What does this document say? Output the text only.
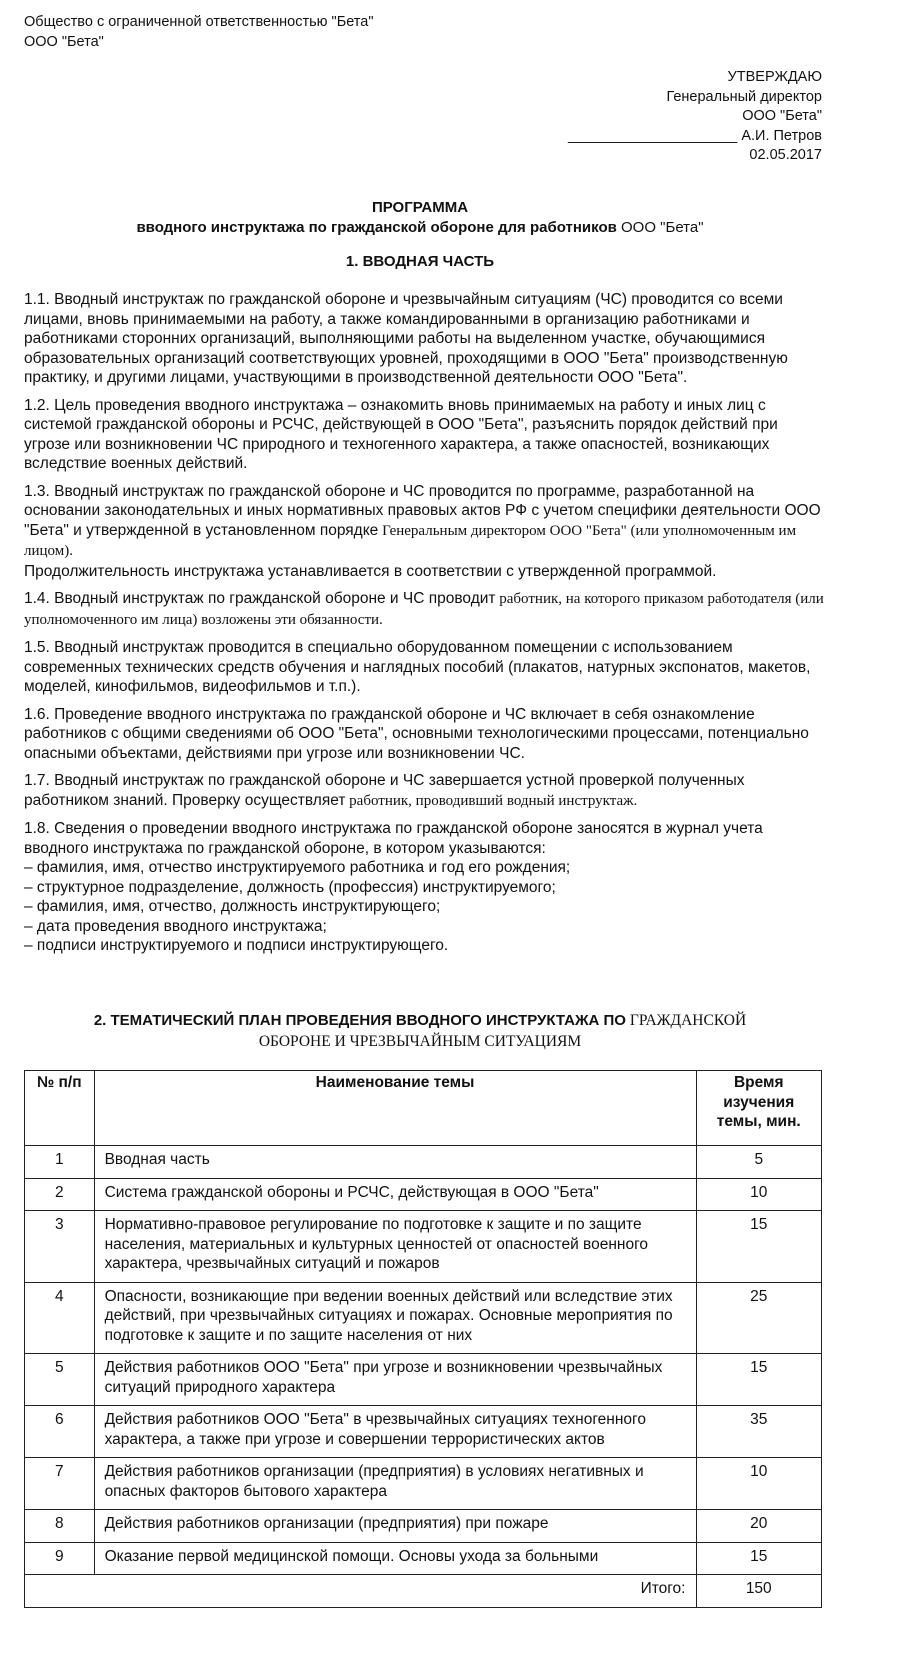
Общество с ограниченной ответственностью "Бета"
ООО "Бета"
УТВЕРЖДАЮ
Генеральный директор
ООО "Бета"
_____________________ А.И. Петров
02.05.2017
ПРОГРАММА
вводного инструктажа по гражданской обороне для работников ООО "Бета"
1. ВВОДНАЯ ЧАСТЬ

1.1. Вводный инструктаж по гражданской обороне и чрезвычайным ситуациям (ЧС) проводится со всеми лицами, вновь принимаемыми на работу, а также командированными в организацию работниками и работниками сторонних организаций, выполняющими работы на выделенном участке, обучающимися образовательных организаций соответствующих уровней, проходящими в ООО "Бета" производственную практику, и другими лицами, участвующими в производственной деятельности ООО "Бета".

1.2. Цель проведения вводного инструктажа – ознакомить вновь принимаемых на работу и иных лиц с системой гражданской обороны и РСЧС, действующей в ООО "Бета", разъяснить порядок действий при угрозе или возникновении ЧС природного и техногенного характера, а также опасностей, возникающих вследствие военных действий.

1.3. Вводный инструктаж по гражданской обороне и ЧС проводится по программе, разработанной на основании законодательных и иных нормативных правовых актов РФ с учетом специфики деятельности ООО "Бета" и утвержденной в установленном порядке Генеральным директором ООО "Бета" (или уполномоченным им лицом).
Продолжительность инструктажа устанавливается в соответствии с утвержденной программой.

1.4. Вводный инструктаж по гражданской обороне и ЧС проводит работник, на которого приказом работодателя (или уполномоченного им лица) возложены эти обязанности.

1.5. Вводный инструктаж проводится в специально оборудованном помещении с использованием современных технических средств обучения и наглядных пособий (плакатов, натурных экспонатов, макетов, моделей, кинофильмов, видеофильмов и т.п.).

1.6. Проведение вводного инструктажа по гражданской обороне и ЧС включает в себя ознакомление работников с общими сведениями об ООО "Бета", основными технологическими процессами, потенциально опасными объектами, действиями при угрозе или возникновении ЧС.

1.7. Вводный инструктаж по гражданской обороне и ЧС завершается устной проверкой полученных работником знаний. Проверку осуществляет работник, проводивший водный инструктаж.

1.8. Сведения о проведении вводного инструктажа по гражданской обороне заносятся в журнал учета вводного инструктажа по гражданской обороне, в котором указываются:
– фамилия, имя, отчество инструктируемого работника и год его рождения;
– структурное подразделение, должность (профессия) инструктируемого;
– фамилия, имя, отчество, должность инструктирующего;
– дата проведения вводного инструктажа;
– подписи инструктируемого и подписи инструктирующего.

2. ТЕМАТИЧЕСКИЙ ПЛАН ПРОВЕДЕНИЯ ВВОДНОГО ИНСТРУКТАЖА ПО ГРАЖДАНСКОЙ
ОБОРОНЕ И ЧРЕЗВЫЧАЙНЫМ СИТУАЦИЯМ
№ п/п	Наименование темы	Время изучения темы, мин.
1	Вводная часть	5
2	Система гражданской обороны и РСЧС, действующая в ООО "Бета"	10
3	Нормативно-правовое регулирование по подготовке к защите и по защите населения, материальных и культурных ценностей от опасностей военного характера, чрезвычайных ситуаций и пожаров	15
4	Опасности, возникающие при ведении военных действий или вследствие этих действий, при чрезвычайных ситуациях и пожарах. Основные мероприятия по подготовке к защите и по защите населения от них	25
5	Действия работников ООО "Бета" при угрозе и возникновении чрезвычайных ситуаций природного характера	15
6	Действия работников ООО "Бета" в чрезвычайных ситуациях техногенного характера, а также при угрозе и совершении террористических актов	35
7	Действия работников организации (предприятия) в условиях негативных и опасных факторов бытового характера	10
8	Действия работников организации (предприятия) при пожаре	20
9	Оказание первой медицинской помощи. Основы ухода за больными	15
Итого:		150
